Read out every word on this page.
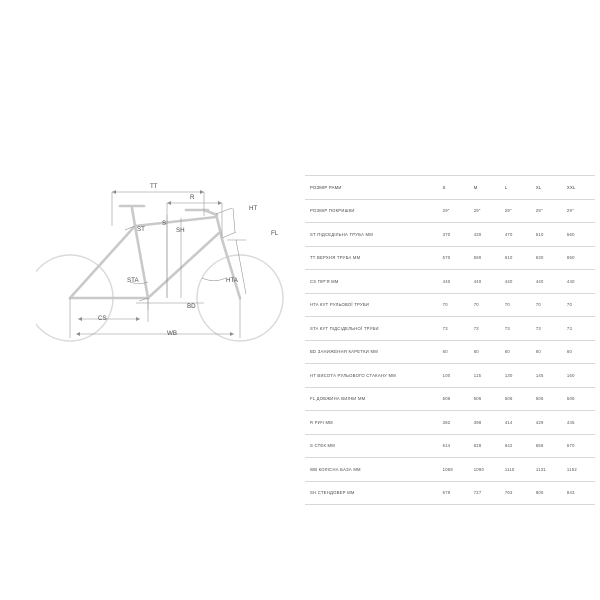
TT
R
HT
ST
S
SH	FL
STA	HTA
BD
CS
WB
РОЗМІР РАМИ	S	M	L	XL	XXL
РОЗМІР ПОКРИШКИ	29"	29"	29"	29"	29"
ST ПІДСЕДІЛЬНА ТРУБА ММ	370	430	470	510	560
TT ВЕРХНЯ ТРУБА ММ	570	590	610	630	650
CS ПІР'Я ММ	440	440	440	440	440
HTA КУТ РУЛЬОВОЇ ТРУБИ	70	70	70	70	70
STA КУТ ПІДСІДЕЛЬНОЇ ТРУБИ	73	73	73	73	73
BD ЗАНИЖЕННЯ КАРЕТКИ ММ	60	60	60	60	60
HT ВИСОТА РУЛЬОВОГО СТАКАНУ ММ	100	115	130	145	160
FL ДОВЖИНА ВИЛКИ ММ	506	506	506	506	506
R РИЧ ММ	382	398	414	429	445
S СТЕК ММ	614	628	642	656	670
WB КОЛІСНА БАЗА ММ	1069	1090	1110	1131	1152
SH СТЕНДОВЕР ММ	679	727	763	800	843
